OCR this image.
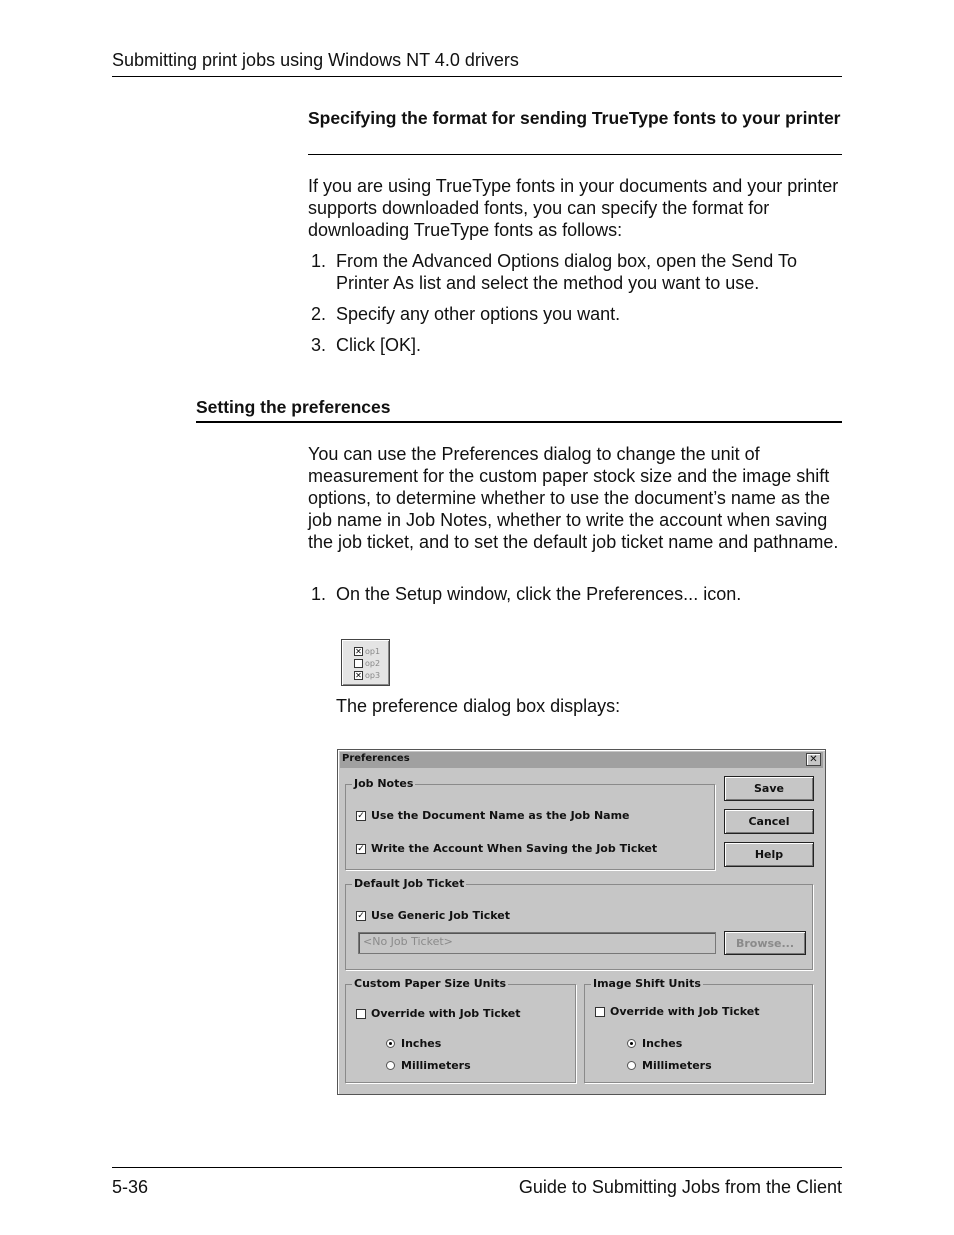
Submitting print jobs using Windows NT 4.0 drivers
Specifying the format for sending TrueType fonts to your printer
If you are using TrueType fonts in your documents and your printer supports downloaded fonts, you can specify the format for downloading TrueType fonts as follows:
1. From the Advanced Options dialog box, open the Send To Printer As list and select the method you want to use.
2. Specify any other options you want.
3. Click [OK].
Setting the preferences
You can use the Preferences dialog to change the unit of measurement for the custom paper stock size and the image shift options, to determine whether to use the document’s name as the job name in Job Notes, whether to write the account when saving the job ticket, and to set the default job ticket name and pathname.
1. On the Setup window, click the Preferences... icon.
✕ op1
op2
✕ op3
The preference dialog box displays:
Preferences	✕
Job Notes
✓ Use the Document Name as the Job Name
✓ Write the Account When Saving the Job Ticket
Save
Cancel
Help
Default Job Ticket
✓ Use Generic Job Ticket
<No Job Ticket>	Browse...
Custom Paper Size Units
Override with Job Ticket
Inches
Millimeters
Image Shift Units
Override with Job Ticket
Inches
Millimeters
5-36	Guide to Submitting Jobs from the Client
